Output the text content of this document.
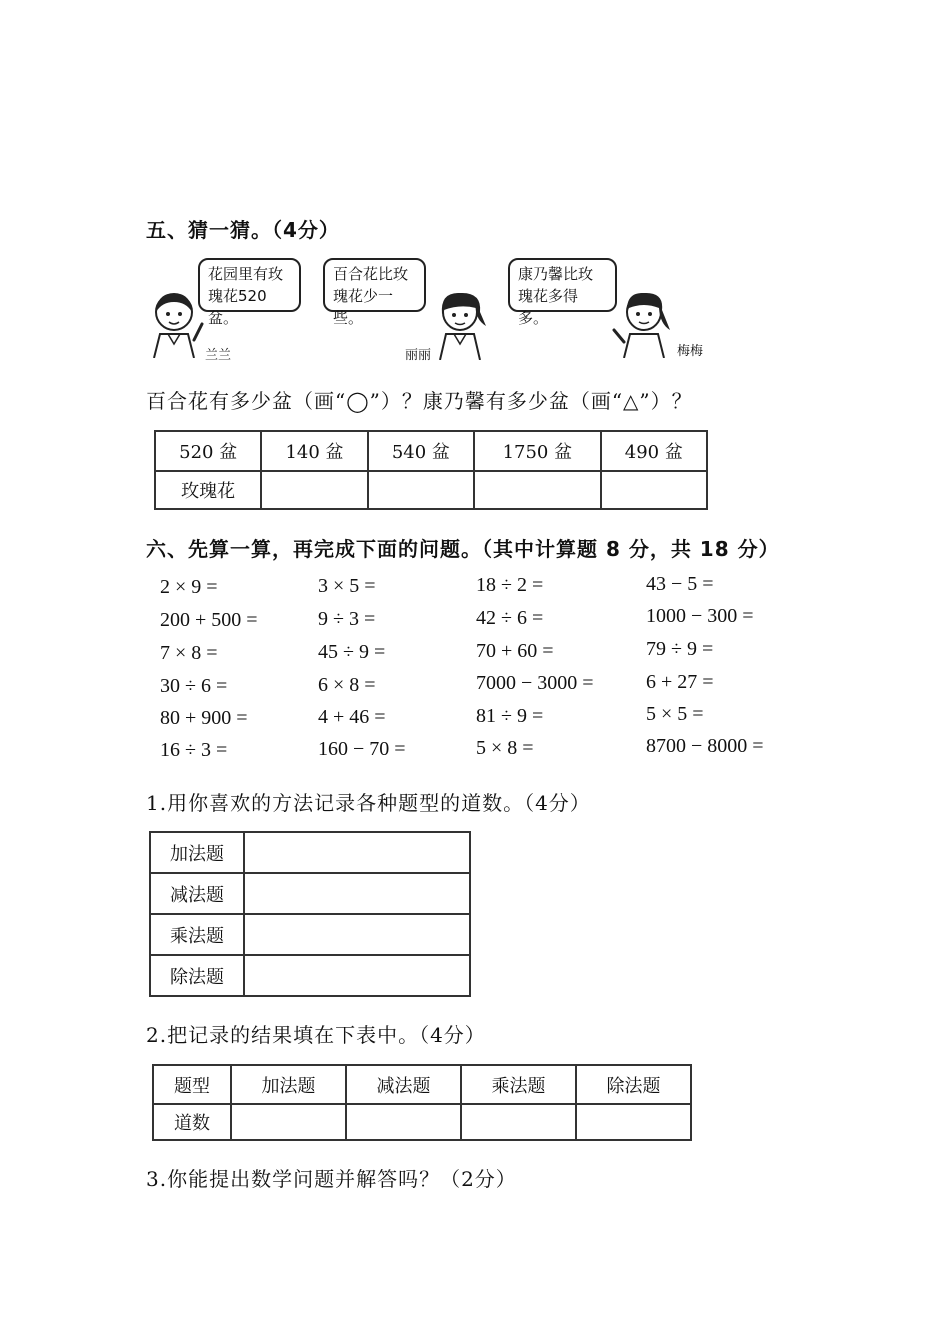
五、猜一猜。（4分）
花园里有玫瑰花520盆。
兰兰
百合花比玫瑰花少一些。
丽丽
康乃馨比玫瑰花多得多。
梅梅
百合花有多少盆（画“◯”）？康乃馨有多少盆（画“△”）？
520 盆	140 盆	540 盆	1750 盆	490 盆
玫瑰花				
六、先算一算，再完成下面的问题。（其中计算题 8 分，共 18 分）
2 × 9 =
200 + 500 =
7 × 8 =
30 ÷ 6 =
80 + 900 =
16 ÷ 3 =
3 × 5 =
9 ÷ 3 =
45 ÷ 9 =
6 × 8 =
4 + 46 =
160 − 70 =
18 ÷ 2 =
42 ÷ 6 =
70 + 60 =
7000 − 3000 =
81 ÷ 9 =
5 × 8 =
43 − 5 =
1000 − 300 =
79 ÷ 9 =
6 + 27 =
5 × 5 =
8700 − 8000 =
1.用你喜欢的方法记录各种题型的道数。（4分）
加法题	
减法题	
乘法题	
除法题	
2.把记录的结果填在下表中。（4分）
题型	加法题	减法题	乘法题	除法题
道数				
3.你能提出数学问题并解答吗？（2分）
